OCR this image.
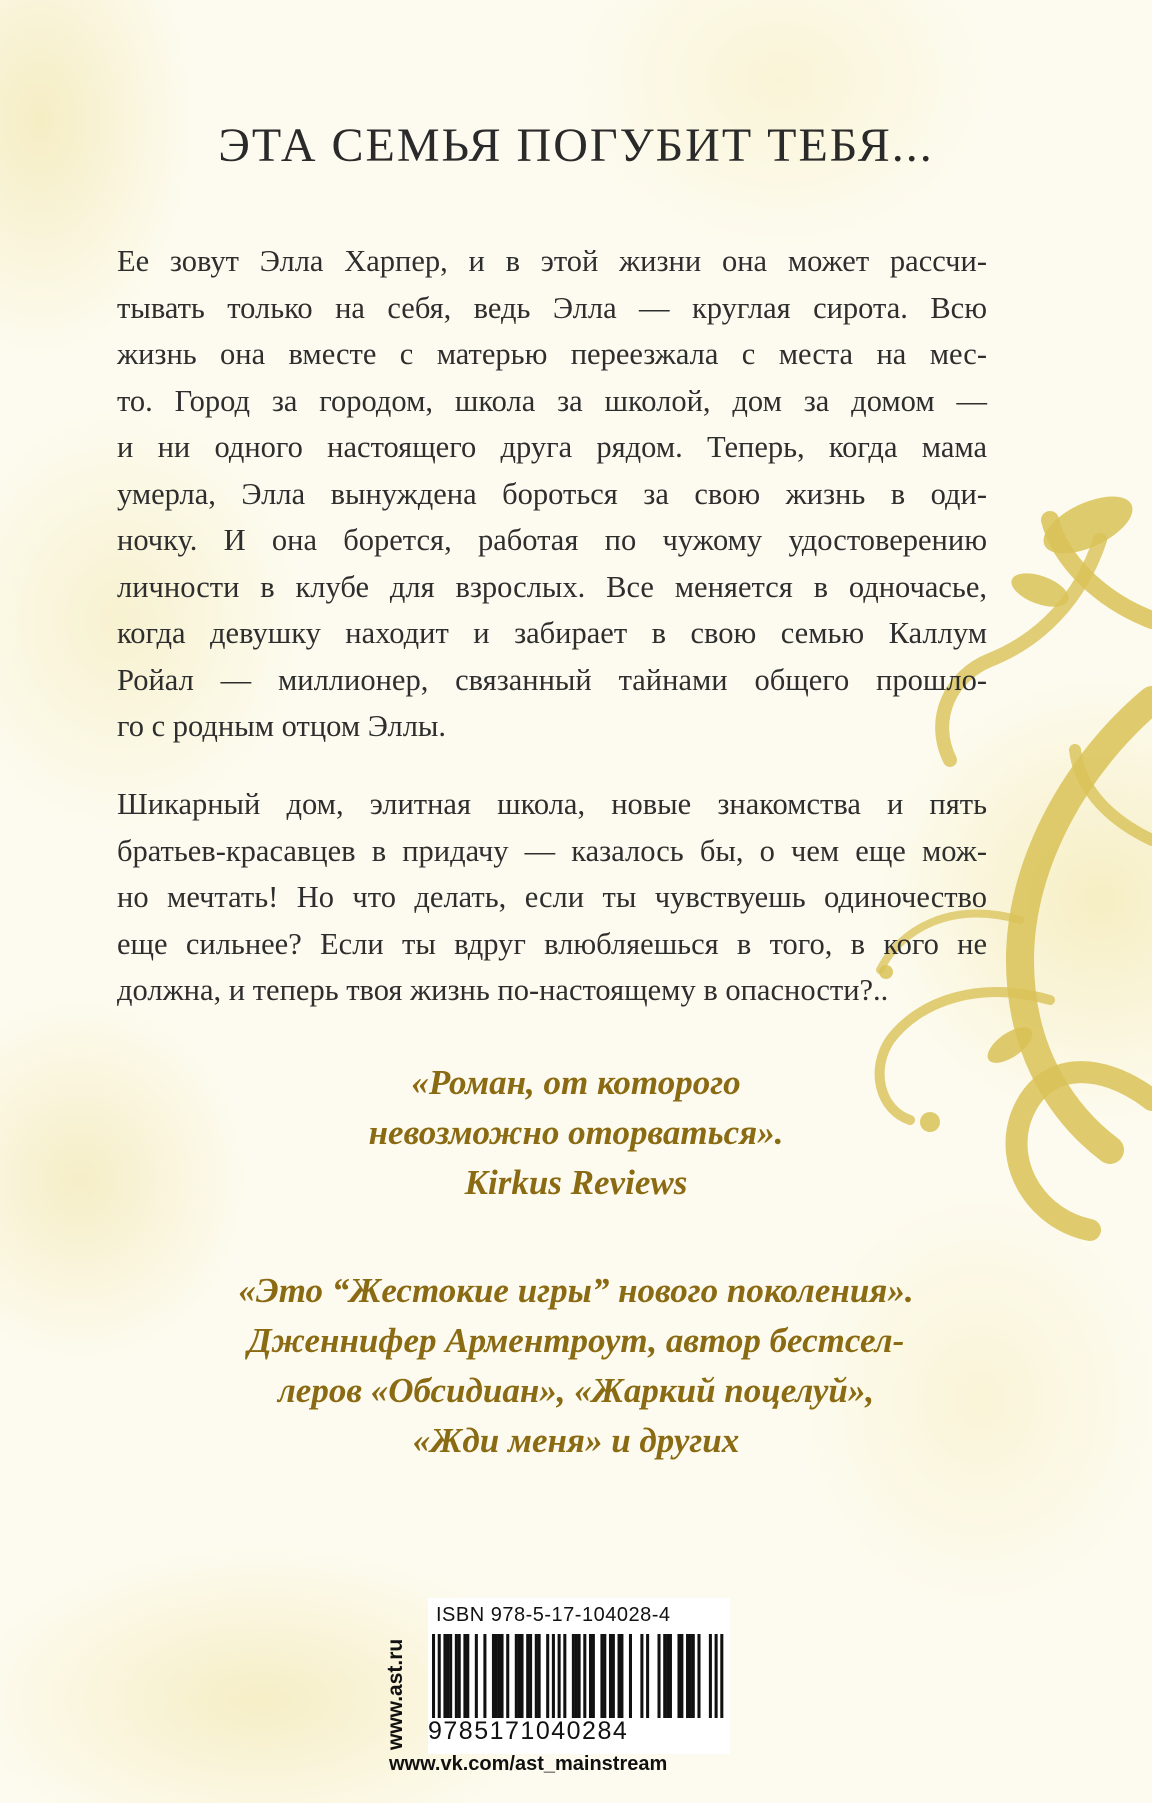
ЭТА СЕМЬЯ ПОГУБИТ ТЕБЯ...

Ее зовут Элла Харпер, и в этой жизни она может рассчи-
тывать только на себя, ведь Элла — круглая сирота. Всю
жизнь она вместе с матерью переезжала с места на мес-
то. Город за городом, школа за школой, дом за домом —
и ни одного настоящего друга рядом. Теперь, когда мама
умерла, Элла вынуждена бороться за свою жизнь в оди-
ночку. И она борется, работая по чужому удостоверению
личности в клубе для взрослых. Все меняется в одночасье,
когда девушку находит и забирает в свою семью Каллум
Ройал — миллионер, связанный тайнами общего прошло-
го с родным отцом Эллы.

Шикарный дом, элитная школа, новые знакомства и пять
братьев-красавцев в придачу — казалось бы, о чем еще мож-
но мечтать! Но что делать, если ты чувствуешь одиночество
еще сильнее? Если ты вдруг влюбляешься в того, в кого не
должна, и теперь твоя жизнь по-настоящему в опасности?..

«Роман, от которого
невозможно оторваться».
Kirkus Reviews
«Это “Жестокие игры” нового поколения».
Дженнифер Арментроут, автор бестсел-
леров «Обсидиан», «Жаркий поцелуй»,
«Жди меня» и других
ISBN 978-5-17-104028-4
9785171040284
www.ast.ru
www.vk.com/ast_mainstream
